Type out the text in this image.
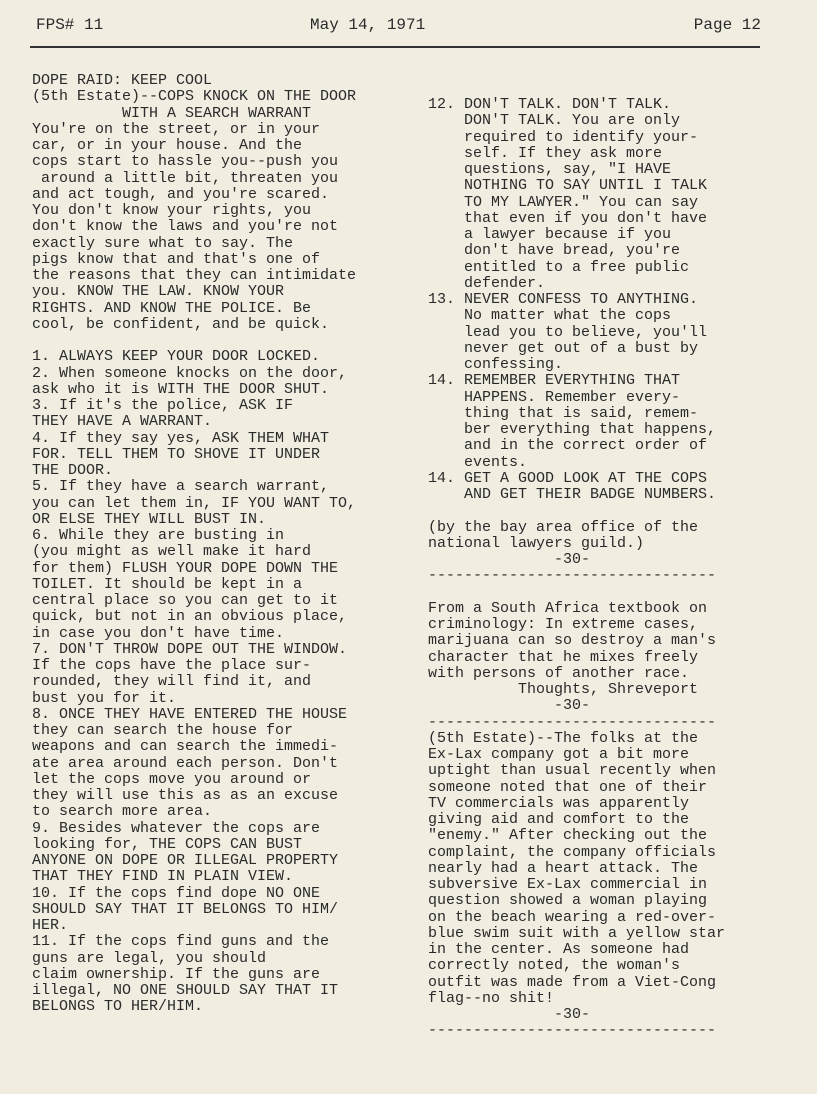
FPS# 11	May 14, 1971	Page 12
DOPE RAID: KEEP COOL
(5th Estate)--COPS KNOCK ON THE DOOR
WITH A SEARCH WARRANT
You're on the street, or in your
car, or in your house. And the
cops start to hassle you--push you
around a little bit, threaten you
and act tough, and you're scared.
You don't know your rights, you
don't know the laws and you're not
exactly sure what to say. The
pigs know that and that's one of
the reasons that they can intimidate
you. KNOW THE LAW. KNOW YOUR
RIGHTS. AND KNOW THE POLICE. Be
cool, be confident, and be quick.
1. ALWAYS KEEP YOUR DOOR LOCKED.
2. When someone knocks on the door,
ask who it is WITH THE DOOR SHUT.
3. If it's the police, ASK IF
THEY HAVE A WARRANT.
4. If they say yes, ASK THEM WHAT
FOR. TELL THEM TO SHOVE IT UNDER
THE DOOR.
5. If they have a search warrant,
you can let them in, IF YOU WANT TO,
OR ELSE THEY WILL BUST IN.
6. While they are busting in
(you might as well make it hard
for them) FLUSH YOUR DOPE DOWN THE
TOILET. It should be kept in a
central place so you can get to it
quick, but not in an obvious place,
in case you don't have time.
7. DON'T THROW DOPE OUT THE WINDOW.
If the cops have the place sur-
rounded, they will find it, and
bust you for it.
8. ONCE THEY HAVE ENTERED THE HOUSE
they can search the house for
weapons and can search the immedi-
ate area around each person. Don't
let the cops move you around or
they will use this as as an excuse
to search more area.
9. Besides whatever the cops are
looking for, THE COPS CAN BUST
ANYONE ON DOPE OR ILLEGAL PROPERTY
THAT THEY FIND IN PLAIN VIEW.
10. If the cops find dope NO ONE
SHOULD SAY THAT IT BELONGS TO HIM/
HER.
11. If the cops find guns and the
guns are legal, you should
claim ownership. If the guns are
illegal, NO ONE SHOULD SAY THAT IT
BELONGS TO HER/HIM.
12. DON'T TALK. DON'T TALK.
DON'T TALK. You are only
required to identify your-
self. If they ask more
questions, say, "I HAVE
NOTHING TO SAY UNTIL I TALK
TO MY LAWYER." You can say
that even if you don't have
a lawyer because if you
don't have bread, you're
entitled to a free public
defender.
13. NEVER CONFESS TO ANYTHING.
No matter what the cops
lead you to believe, you'll
never get out of a bust by
confessing.
14. REMEMBER EVERYTHING THAT
HAPPENS. Remember every-
thing that is said, remem-
ber everything that happens,
and in the correct order of
events.
14. GET A GOOD LOOK AT THE COPS
AND GET THEIR BADGE NUMBERS.
(by the bay area office of the
national lawyers guild.)
-30-
--------------------------------
From a South Africa textbook on
criminology: In extreme cases,
marijuana can so destroy a man's
character that he mixes freely
with persons of another race.
Thoughts, Shreveport
-30-
--------------------------------
(5th Estate)--The folks at the
Ex-Lax company got a bit more
uptight than usual recently when
someone noted that one of their
TV commercials was apparently
giving aid and comfort to the
"enemy." After checking out the
complaint, the company officials
nearly had a heart attack. The
subversive Ex-Lax commercial in
question showed a woman playing
on the beach wearing a red-over-
blue swim suit with a yellow star
in the center. As someone had
correctly noted, the woman's
outfit was made from a Viet-Cong
flag--no shit!
-30-
--------------------------------
